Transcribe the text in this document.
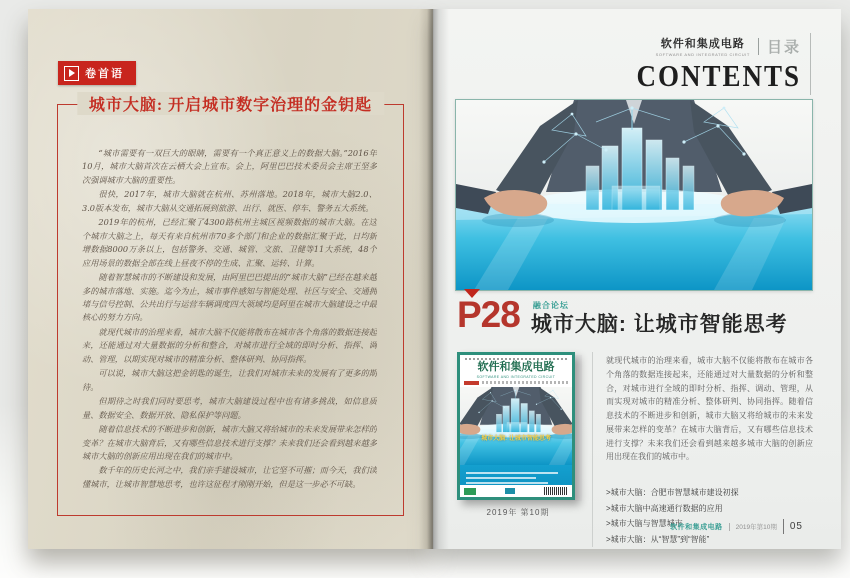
卷首语
城市大脑: 开启城市数字治理的金钥匙

“城市需要有一双巨大的眼睛，需要有一个真正意义上的数据大脑。”2016年10月，城市大脑首次在云栖大会上宣布。会上，阿里巴巴技术委员会主席王坚多次强调城市大脑的重要性。

很快，2017年，城市大脑就在杭州、苏州落地。2018年，城市大脑2.0、3.0版本发布，城市大脑从交通拓展到旅游、出行、就医、停车、警务五大系统。

2019年的杭州，已经汇聚了4300路杭州主城区视频数据的城市大脑。在这个城市大脑之上，每天有来自杭州市70多个部门和企业的数据汇聚于此，日均新增数据8000万条以上，包括警务、交通、城管、文旅、卫健等11大系统，48个应用场景的数据全部在线上昼夜不停的生成、汇聚、运转、计算。

随着智慧城市的不断建设和发展，由阿里巴巴提出的“城市大脑”已经在越来越多的城市落地、实施。迄今为止，城市事件感知与智能处理、社区与安全、交通拥堵与信号控制、公共出行与运营车辆调度四大领域均是阿里在城市大脑建设之中最核心的努力方向。

就现代城市的治理来看，城市大脑不仅能将散布在城市各个角落的数据连接起来，还能通过对大量数据的分析和整合，对城市进行全域的即时分析、指挥、调动、管理，以期实现对城市的精准分析、整体研判、协同指挥。

可以说，城市大脑这把金钥匙的诞生，让我们对城市未来的发展有了更多的期待。

但期待之时我们同时要思考，城市大脑建设过程中也有诸多挑战，如信息质量、数据安全、数据开放、隐私保护等问题。

随着信息技术的不断进步和创新，城市大脑又将给城市的未来发展带来怎样的变革？在城市大脑背后，又有哪些信息技术进行支撑？未来我们还会看到越来越多城市大脑的创新应用出现在我们的城市中。

数千年的历史长河之中，我们亲手建设城市，让它坚不可摧；而今天，我们读懂城市，让城市智慧地思考，也许这征程才刚刚开始，但是这一步必不可缺。

软件和集成电路
SOFTWARE AND INTEGRATED CIRCUIT 目录
CONTENTS
P28 融合论坛
城市大脑: 让城市智能思考
软件和集成电路
SOFTWARE AND INTEGRATED CIRCUIT
城市大脑: 让城市智能思考
2019年 第10期

就现代城市的治理来看，城市大脑不仅能将散布在城市各个角落的数据连接起来，还能通过对大量数据的分析和整合，对城市进行全域的即时分析、指挥、调动、管理，从而实现对城市的精准分析、整体研判、协同指挥。随着信息技术的不断进步和创新，城市大脑又将给城市的未来发展带来怎样的变革？在城市大脑背后，又有哪些信息技术进行支撑？未来我们还会看到越来越多城市大脑的创新应用出现在我们的城市中。

>城市大脑：合肥市智慧城市建设初探
>城市大脑中高速通行数据的应用
>城市大脑与智慧城市
>城市大脑：从“智慧”到“智能”
软件和集成电路 2019年第10期 05
